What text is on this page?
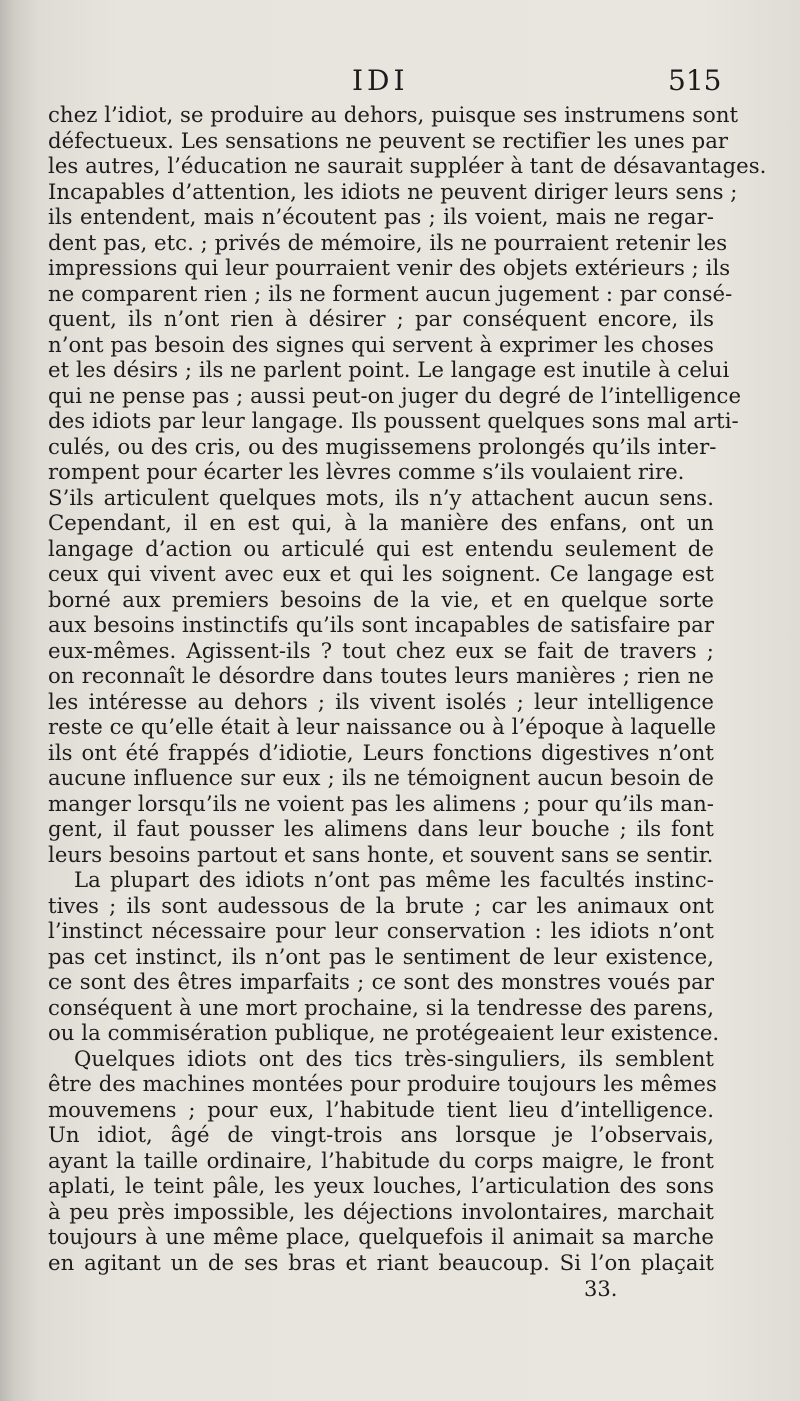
IDI	515
chez l’idiot, se produire au dehors, puisque ses instrumens sont
défectueux. Les sensations ne peuvent se rectifier les unes par
les autres, l’éducation ne saurait suppléer à tant de désavantages.
Incapables d’attention, les idiots ne peuvent diriger leurs sens ;
ils entendent, mais n’écoutent pas ; ils voient, mais ne regar-
dent pas, etc. ; privés de mémoire, ils ne pourraient retenir les
impressions qui leur pourraient venir des objets extérieurs ; ils
ne comparent rien ; ils ne forment aucun jugement : par consé-
quent, ils n’ont rien à désirer ; par conséquent encore, ils
n’ont pas besoin des signes qui servent à exprimer les choses
et les désirs ; ils ne parlent point. Le langage est inutile à celui
qui ne pense pas ; aussi peut-on juger du degré de l’intelligence
des idiots par leur langage. Ils poussent quelques sons mal arti-
culés, ou des cris, ou des mugissemens prolongés qu’ils inter-
rompent pour écarter les lèvres comme s’ils voulaient rire.
S’ils articulent quelques mots, ils n’y attachent aucun sens.
Cependant, il en est qui, à la manière des enfans, ont un
langage d’action ou articulé qui est entendu seulement de
ceux qui vivent avec eux et qui les soignent. Ce langage est
borné aux premiers besoins de la vie, et en quelque sorte
aux besoins instinctifs qu’ils sont incapables de satisfaire par
eux-mêmes. Agissent-ils ? tout chez eux se fait de travers ;
on reconnaît le désordre dans toutes leurs manières ; rien ne
les intéresse au dehors ; ils vivent isolés ; leur intelligence
reste ce qu’elle était à leur naissance ou à l’époque à laquelle
ils ont été frappés d’idiotie, Leurs fonctions digestives n’ont
aucune influence sur eux ; ils ne témoignent aucun besoin de
manger lorsqu’ils ne voient pas les alimens ; pour qu’ils man-
gent, il faut pousser les alimens dans leur bouche ; ils font
leurs besoins partout et sans honte, et souvent sans se sentir.
La plupart des idiots n’ont pas même les facultés instinc-
tives ; ils sont audessous de la brute ; car les animaux ont
l’instinct nécessaire pour leur conservation : les idiots n’ont
pas cet instinct, ils n’ont pas le sentiment de leur existence,
ce sont des êtres imparfaits ; ce sont des monstres voués par
conséquent à une mort prochaine, si la tendresse des parens,
ou la commisération publique, ne protégeaient leur existence.
Quelques idiots ont des tics très-singuliers, ils semblent
être des machines montées pour produire toujours les mêmes
mouvemens ; pour eux, l’habitude tient lieu d’intelligence.
Un idiot, âgé de vingt-trois ans lorsque je l’observais,
ayant la taille ordinaire, l’habitude du corps maigre, le front
aplati, le teint pâle, les yeux louches, l’articulation des sons
à peu près impossible, les déjections involontaires, marchait
toujours à une même place, quelquefois il animait sa marche
en agitant un de ses bras et riant beaucoup. Si l’on plaçait
33.
